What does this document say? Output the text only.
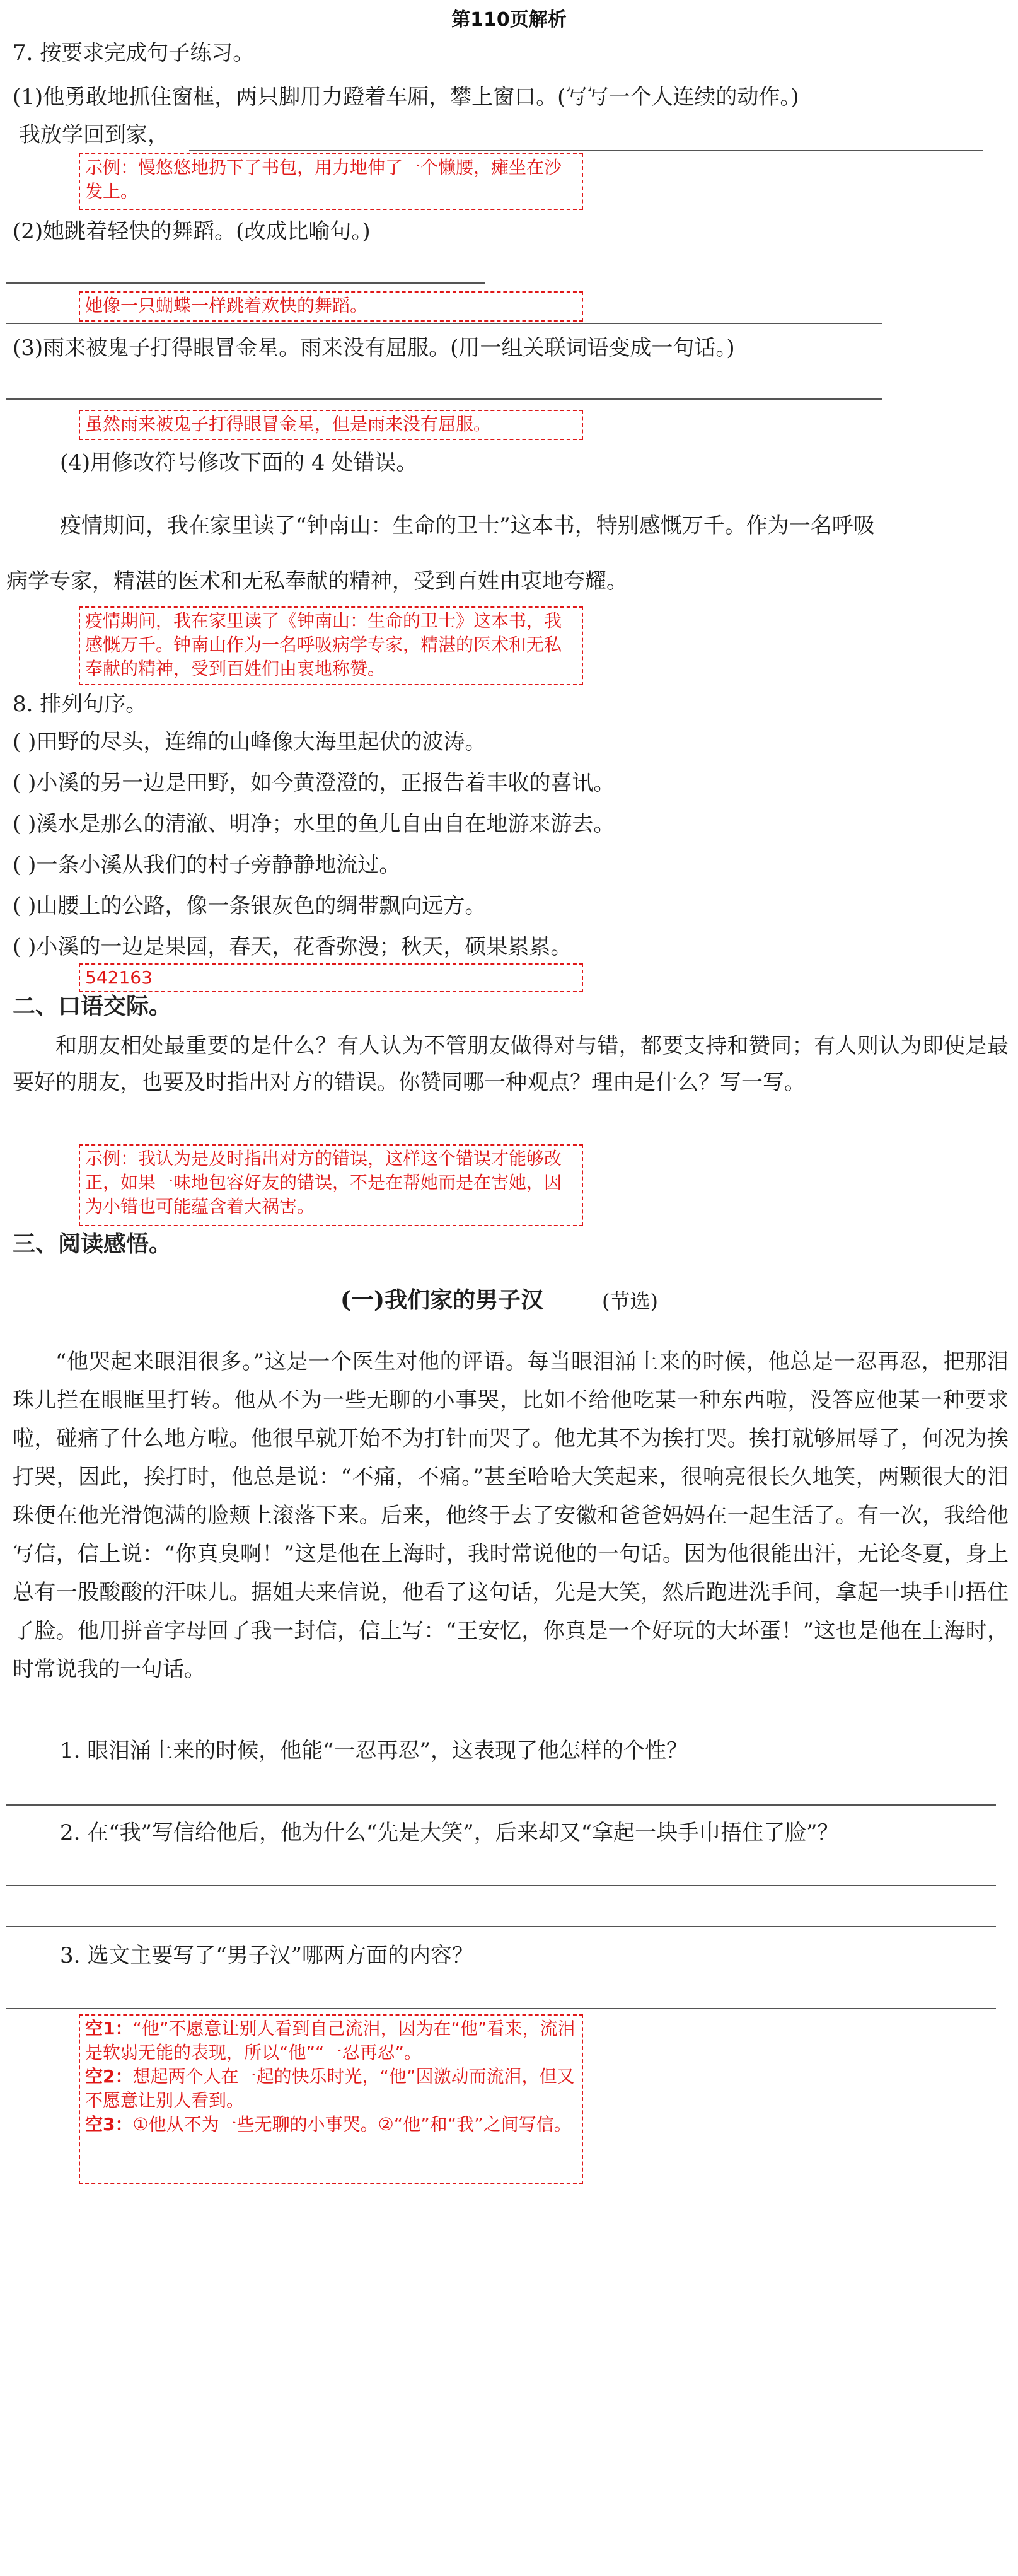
第110页解析
7. 按要求完成句子练习。
(1)他勇敢地抓住窗框，两只脚用力蹬着车厢，攀上窗口。(写写一个人连续的动作。)
我放学回到家，
示例：慢悠悠地扔下了书包，用力地伸了一个懒腰，瘫坐在沙发上。
(2)她跳着轻快的舞蹈。(改成比喻句。)
她像一只蝴蝶一样跳着欢快的舞蹈。
(3)雨来被鬼子打得眼冒金星。雨来没有屈服。(用一组关联词语变成一句话。)
虽然雨来被鬼子打得眼冒金星，但是雨来没有屈服。
(4)用修改符号修改下面的 4 处错误。
疫情期间，我在家里读了“钟南山：生命的卫士”这本书，特别感慨万千。作为一名呼吸
病学专家，精湛的医术和无私奉献的精神，受到百姓由衷地夸耀。
疫情期间，我在家里读了《钟南山：生命的卫士》这本书，我感慨万千。钟南山作为一名呼吸病学专家，精湛的医术和无私奉献的精神，受到百姓们由衷地称赞。
8. 排列句序。
( )田野的尽头，连绵的山峰像大海里起伏的波涛。
( )小溪的另一边是田野，如今黄澄澄的，正报告着丰收的喜讯。
( )溪水是那么的清澈、明净；水里的鱼儿自由自在地游来游去。
( )一条小溪从我们的村子旁静静地流过。
( )山腰上的公路，像一条银灰色的绸带飘向远方。
( )小溪的一边是果园，春天，花香弥漫；秋天，硕果累累。
542163
二、口语交际。
和朋友相处最重要的是什么？有人认为不管朋友做得对与错，都要支持和赞同；有人则认为即使是最要好的朋友，也要及时指出对方的错误。你赞同哪一种观点？理由是什么？写一写。
示例：我认为是及时指出对方的错误，这样这个错误才能够改正，如果一味地包容好友的错误，不是在帮她而是在害她，因为小错也可能蕴含着大祸害。
三、阅读感悟。
(一)我们家的男子汉	(节选)
“他哭起来眼泪很多。”这是一个医生对他的评语。每当眼泪涌上来的时候，他总是一忍再忍，把那泪珠儿拦在眼眶里打转。他从不为一些无聊的小事哭，比如不给他吃某一种东西啦，没答应他某一种要求啦，碰痛了什么地方啦。他很早就开始不为打针而哭了。他尤其不为挨打哭。挨打就够屈辱了，何况为挨打哭，因此，挨打时，他总是说：“不痛，不痛。”甚至哈哈大笑起来，很响亮很长久地笑，两颗很大的泪珠便在他光滑饱满的脸颊上滚落下来。后来，他终于去了安徽和爸爸妈妈在一起生活了。有一次，我给他写信，信上说：“你真臭啊！”这是他在上海时，我时常说他的一句话。因为他很能出汗，无论冬夏，身上总有一股酸酸的汗味儿。据姐夫来信说，他看了这句话，先是大笑，然后跑进洗手间，拿起一块手巾捂住了脸。他用拼音字母回了我一封信，信上写：“王安忆，你真是一个好玩的大坏蛋！”这也是他在上海时，时常说我的一句话。
1. 眼泪涌上来的时候，他能“一忍再忍”，这表现了他怎样的个性？
2. 在“我”写信给他后，他为什么“先是大笑”，后来却又“拿起一块手巾捂住了脸”？
3. 选文主要写了“男子汉”哪两方面的内容？
空1：“他”不愿意让别人看到自己流泪，因为在“他”看来，流泪是软弱无能的表现，所以“他”“一忍再忍”。
空2：想起两个人在一起的快乐时光，“他”因激动而流泪，但又不愿意让别人看到。
空3：①他从不为一些无聊的小事哭。②“他”和“我”之间写信。
